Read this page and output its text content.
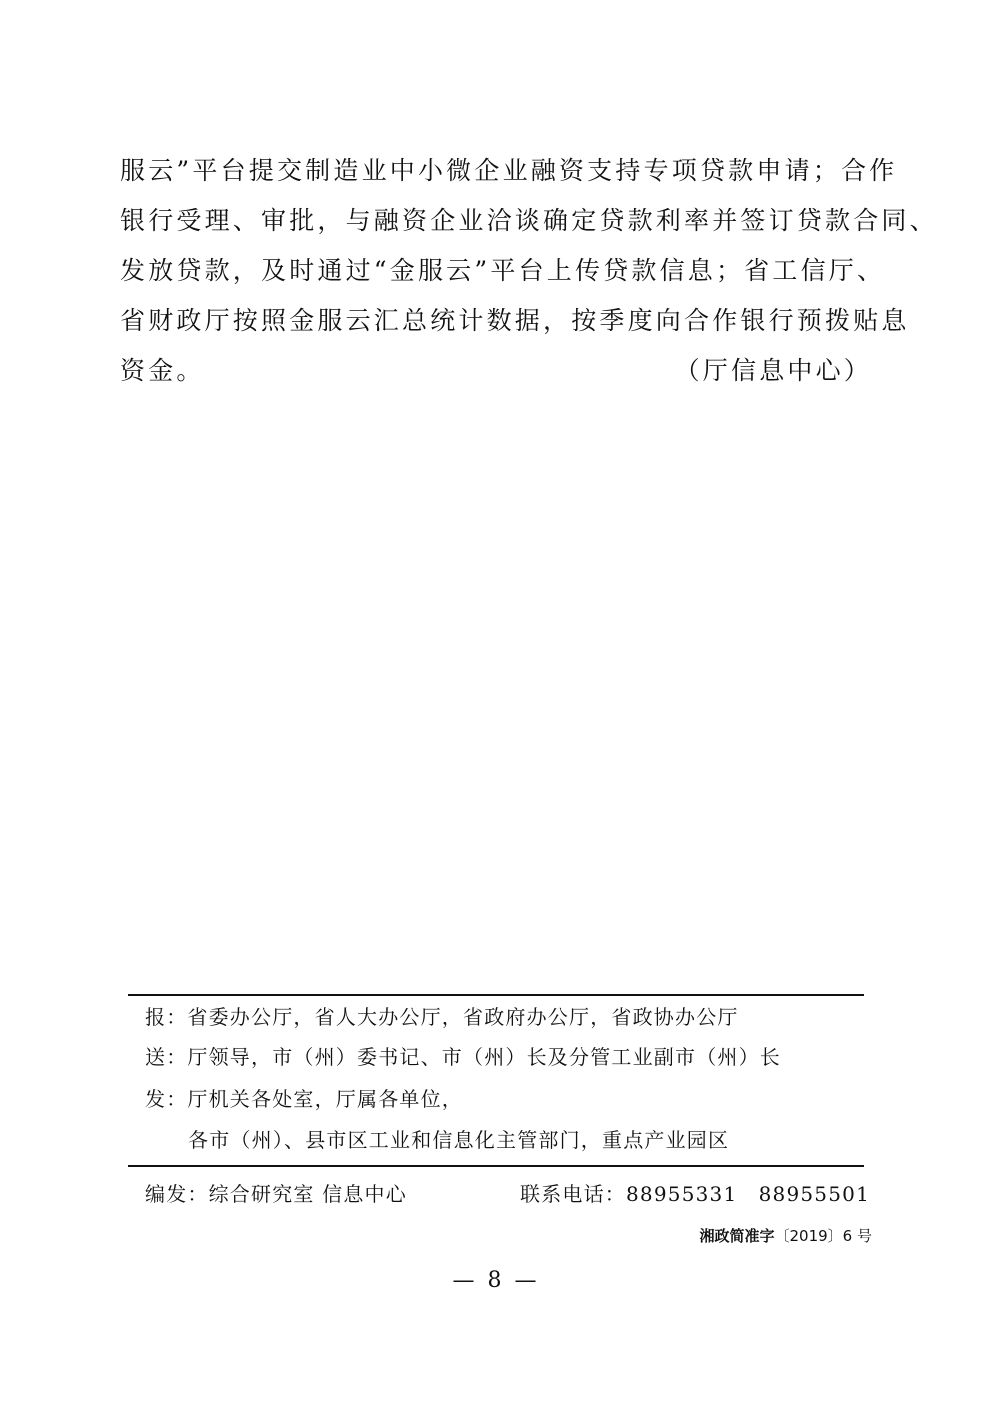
服云”平台提交制造业中小微企业融资支持专项贷款申请；合作
银行受理、审批，与融资企业洽谈确定贷款利率并签订贷款合同、
发放贷款，及时通过“金服云”平台上传贷款信息；省工信厅、
省财政厅按照金服云汇总统计数据，按季度向合作银行预拨贴息
资金。	（厅信息中心）
报：省委办公厅，省人大办公厅，省政府办公厅，省政协办公厅
送：厅领导，市（州）委书记、市（州）长及分管工业副市（州）长
发：厅机关各处室，厅属各单位，
各市（州）、县市区工业和信息化主管部门，重点产业园区
编发：综合研究室 信息中心	联系电话：88955331　88955501
湘政简准字〔2019〕6 号
— 8 —
